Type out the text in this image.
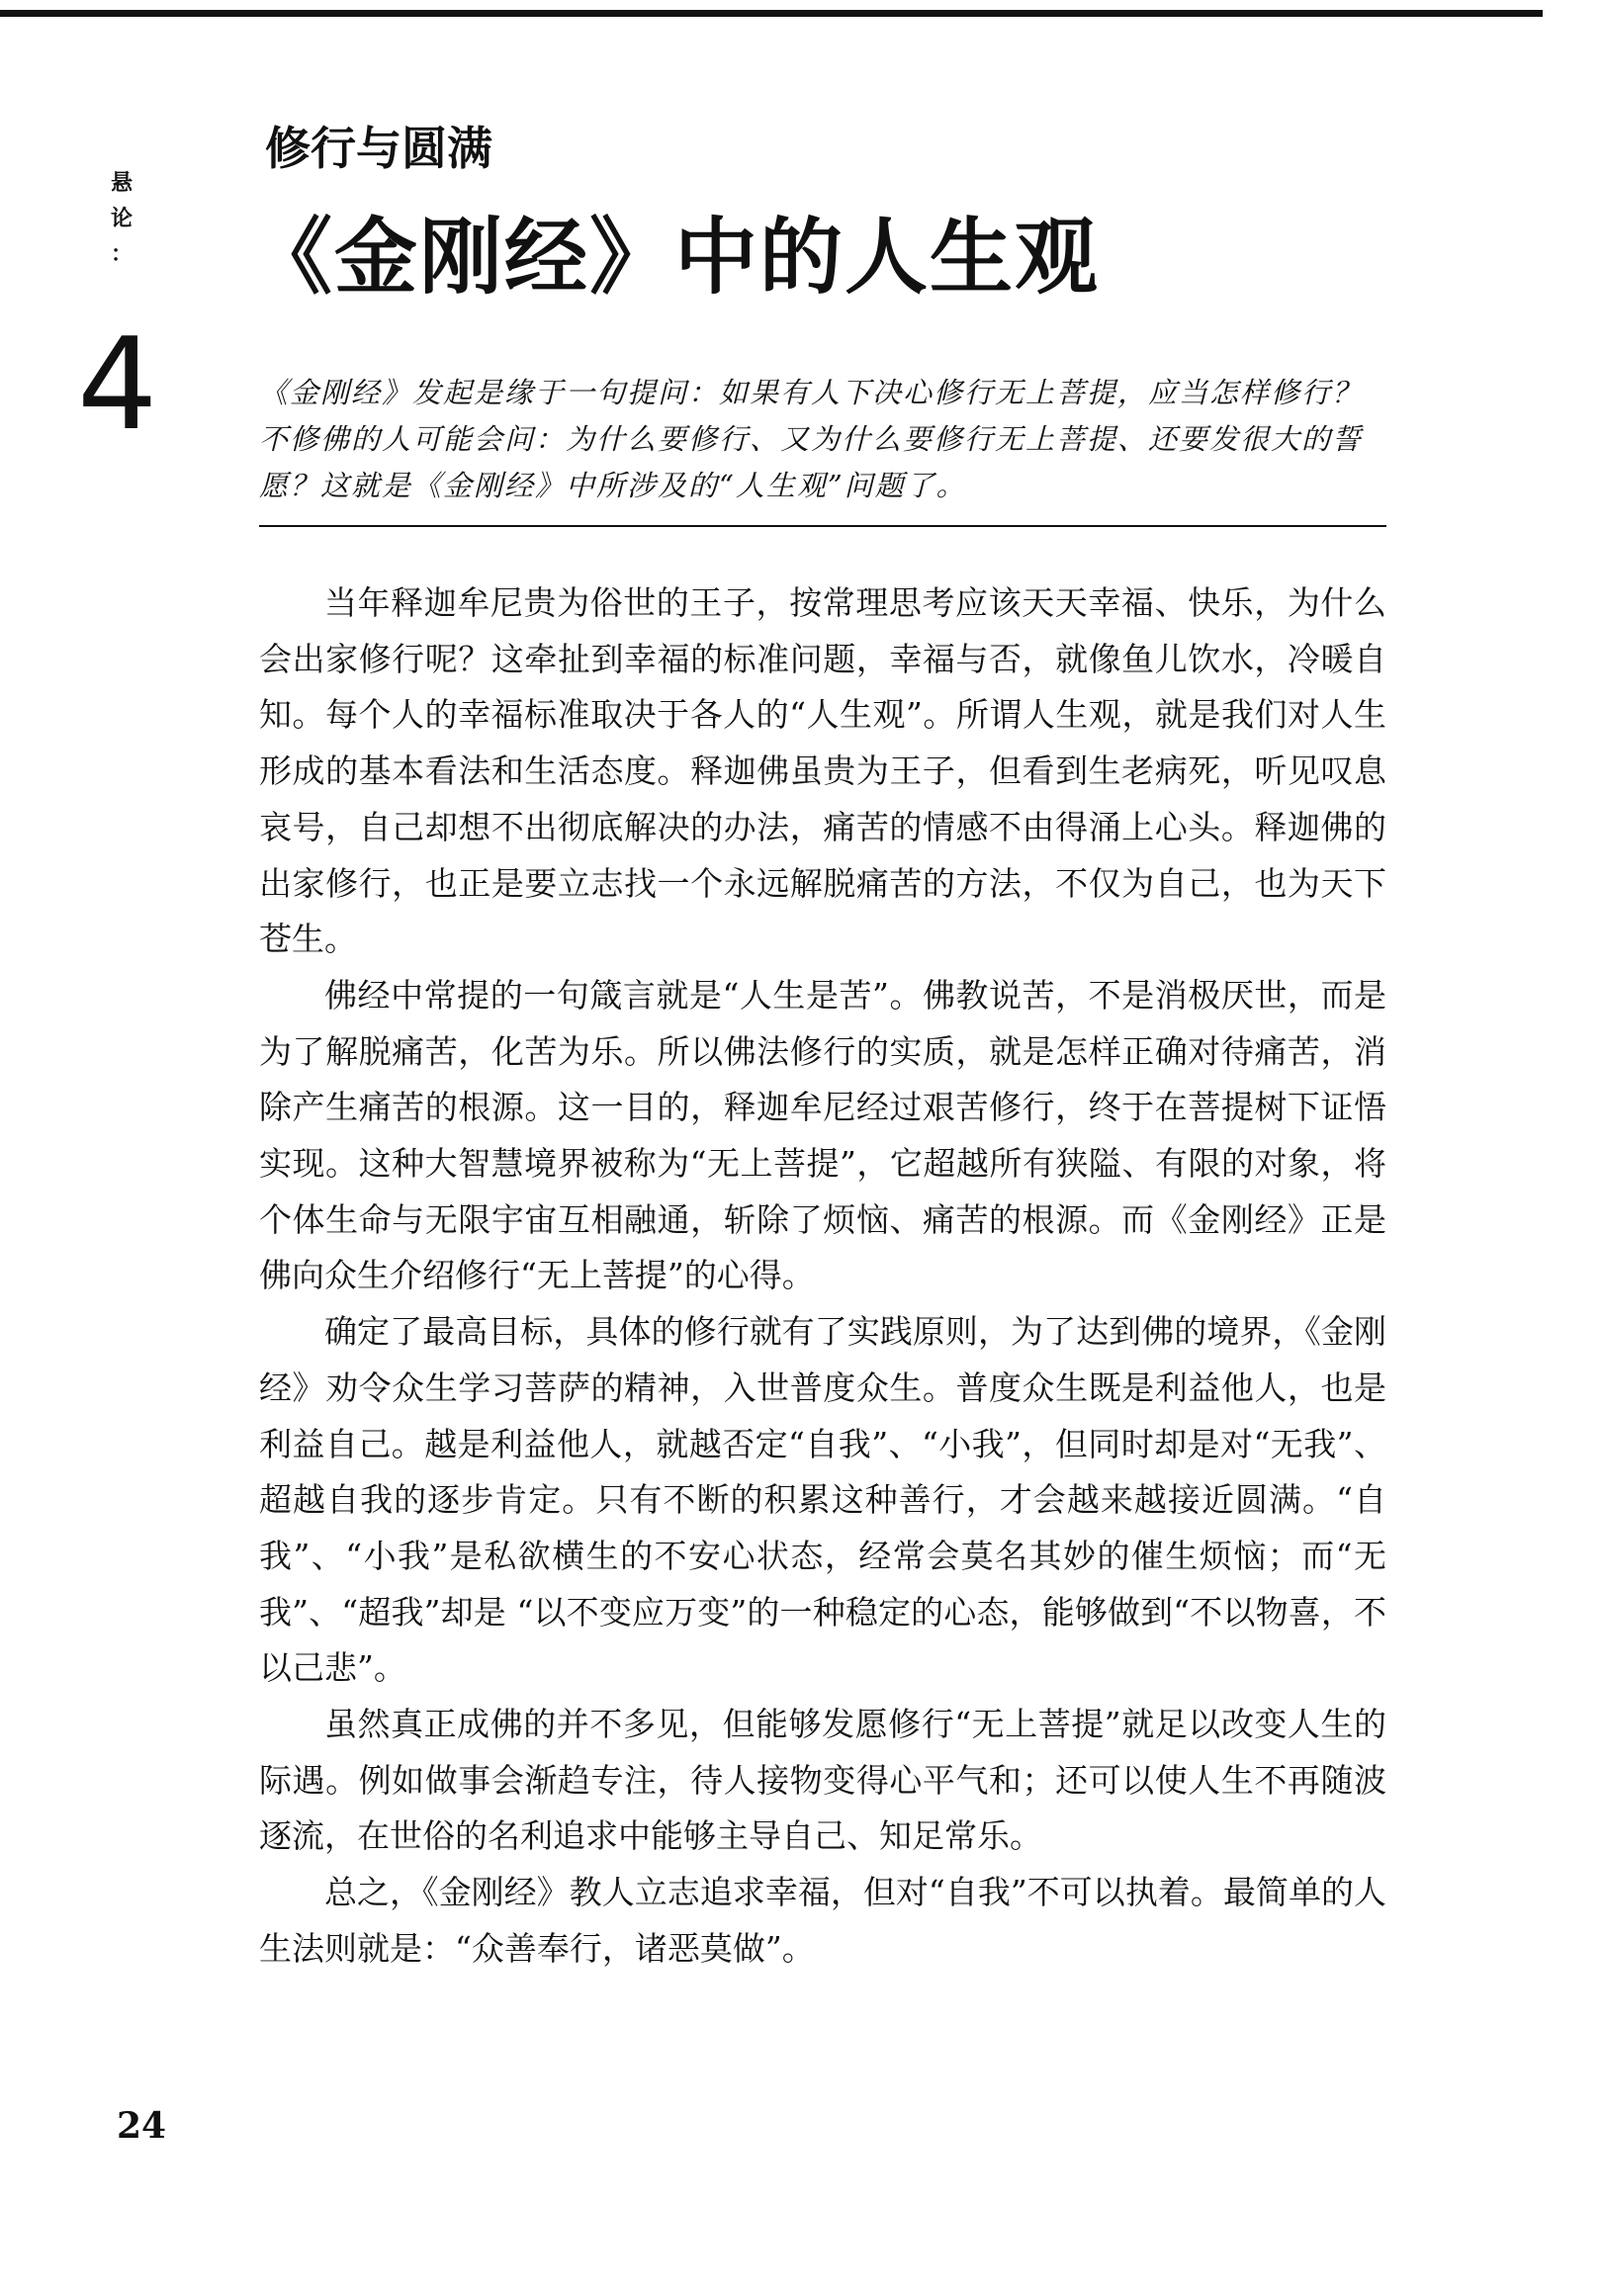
悬
论
：
4
修行与圆满
《金刚经》中的人生观
《金刚经》发起是缘于一句提问：如果有人下决心修行无上菩提，应当怎样修行？不修佛的人可能会问：为什么要修行、又为什么要修行无上菩提、还要发很大的誓愿？这就是《金刚经》中所涉及的“人生观”问题了。

当年释迦牟尼贵为俗世的王子，按常理思考应该天天幸福、快乐，为什么会出家修行呢？这牵扯到幸福的标准问题，幸福与否，就像鱼儿饮水，冷暖自知。每个人的幸福标准取决于各人的“人生观”。所谓人生观，就是我们对人生形成的基本看法和生活态度。释迦佛虽贵为王子，但看到生老病死，听见叹息哀号，自己却想不出彻底解决的办法，痛苦的情感不由得涌上心头。释迦佛的出家修行，也正是要立志找一个永远解脱痛苦的方法，不仅为自己，也为天下苍生。

佛经中常提的一句箴言就是“人生是苦”。佛教说苦，不是消极厌世，而是为了解脱痛苦，化苦为乐。所以佛法修行的实质，就是怎样正确对待痛苦，消除产生痛苦的根源。这一目的，释迦牟尼经过艰苦修行，终于在菩提树下证悟实现。这种大智慧境界被称为“无上菩提”，它超越所有狭隘、有限的对象，将个体生命与无限宇宙互相融通，斩除了烦恼、痛苦的根源。而《金刚经》正是佛向众生介绍修行“无上菩提”的心得。

确定了最高目标，具体的修行就有了实践原则，为了达到佛的境界，《金刚经》劝令众生学习菩萨的精神，入世普度众生。普度众生既是利益他人，也是利益自己。越是利益他人，就越否定“自我”、“小我”，但同时却是对“无我”、超越自我的逐步肯定。只有不断的积累这种善行，才会越来越接近圆满。“自我”、“小我”是私欲横生的不安心状态，经常会莫名其妙的催生烦恼；而“无我”、“超我”却是 “以不变应万变”的一种稳定的心态，能够做到“不以物喜，不以己悲”。

虽然真正成佛的并不多见，但能够发愿修行“无上菩提”就足以改变人生的际遇。例如做事会渐趋专注，待人接物变得心平气和；还可以使人生不再随波逐流，在世俗的名利追求中能够主导自己、知足常乐。

总之，《金刚经》教人立志追求幸福，但对“自我”不可以执着。最简单的人生法则就是：“众善奉行，诸恶莫做”。

24
